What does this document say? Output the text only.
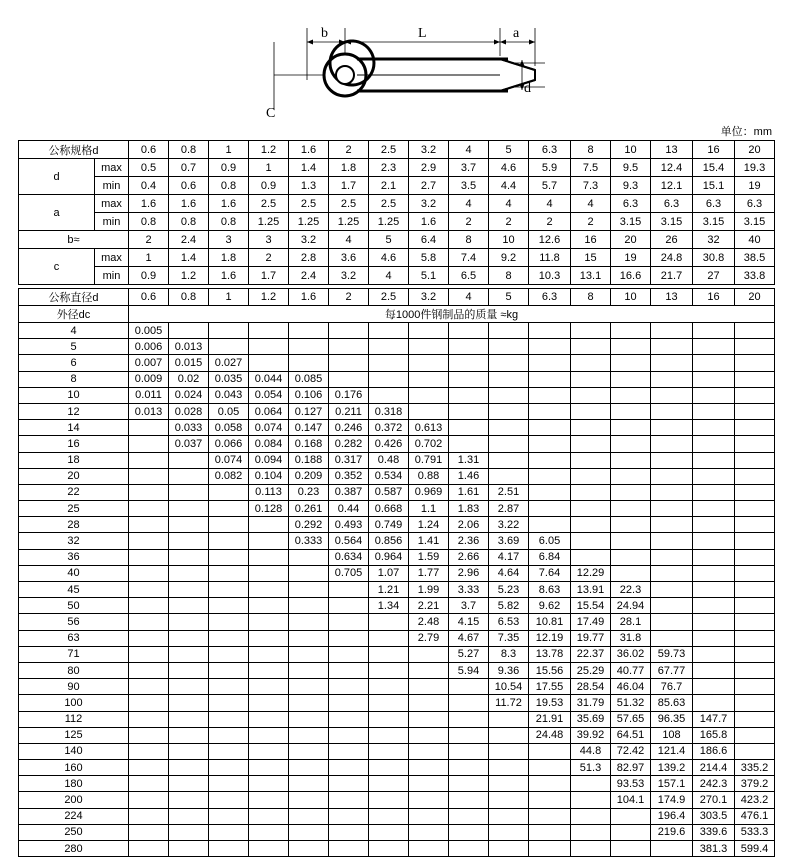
b	L	a
d
C
单位：mm
公称规格d		0.6	0.8	1	1.2	1.6	2	2.5	3.2	4	5	6.3	8	10	13	16	20
d	max	0.5	0.7	0.9	1	1.4	1.8	2.3	2.9	3.7	4.6	5.9	7.5	9.5	12.4	15.4	19.3
	min	0.4	0.6	0.8	0.9	1.3	1.7	2.1	2.7	3.5	4.4	5.7	7.3	9.3	12.1	15.1	19
a	max	1.6	1.6	1.6	2.5	2.5	2.5	2.5	3.2	4	4	4	4	6.3	6.3	6.3	6.3
	min	0.8	0.8	0.8	1.25	1.25	1.25	1.25	1.6	2	2	2	2	3.15	3.15	3.15	3.15
b≈		2	2.4	3	3	3.2	4	5	6.4	8	10	12.6	16	20	26	32	40
c	max	1	1.4	1.8	2	2.8	3.6	4.6	5.8	7.4	9.2	11.8	15	19	24.8	30.8	38.5
	min	0.9	1.2	1.6	1.7	2.4	3.2	4	5.1	6.5	8	10.3	13.1	16.6	21.7	27	33.8
公称直径d	0.6	0.8	1	1.2	1.6	2	2.5	3.2	4	5	6.3	8	10	13	16	20
外径dc	每1000件钢制品的质量 ≈kg															
4	0.005															
5	0.006	0.013														
6	0.007	0.015	0.027													
8	0.009	0.02	0.035	0.044	0.085											
10	0.011	0.024	0.043	0.054	0.106	0.176										
12	0.013	0.028	0.05	0.064	0.127	0.211	0.318									
14		0.033	0.058	0.074	0.147	0.246	0.372	0.613								
16		0.037	0.066	0.084	0.168	0.282	0.426	0.702								
18			0.074	0.094	0.188	0.317	0.48	0.791	1.31							
20			0.082	0.104	0.209	0.352	0.534	0.88	1.46							
22				0.113	0.23	0.387	0.587	0.969	1.61	2.51						
25				0.128	0.261	0.44	0.668	1.1	1.83	2.87						
28					0.292	0.493	0.749	1.24	2.06	3.22						
32					0.333	0.564	0.856	1.41	2.36	3.69	6.05					
36						0.634	0.964	1.59	2.66	4.17	6.84					
40						0.705	1.07	1.77	2.96	4.64	7.64	12.29				
45							1.21	1.99	3.33	5.23	8.63	13.91	22.3			
50							1.34	2.21	3.7	5.82	9.62	15.54	24.94			
56								2.48	4.15	6.53	10.81	17.49	28.1			
63								2.79	4.67	7.35	12.19	19.77	31.8			
71									5.27	8.3	13.78	22.37	36.02	59.73		
80									5.94	9.36	15.56	25.29	40.77	67.77		
90										10.54	17.55	28.54	46.04	76.7		
100										11.72	19.53	31.79	51.32	85.63		
112											21.91	35.69	57.65	96.35	147.7	
125											24.48	39.92	64.51	108	165.8	
140												44.8	72.42	121.4	186.6	
160												51.3	82.97	139.2	214.4	335.2
180													93.53	157.1	242.3	379.2
200													104.1	174.9	270.1	423.2
224														196.4	303.5	476.1
250														219.6	339.6	533.3
280															381.3	599.4
